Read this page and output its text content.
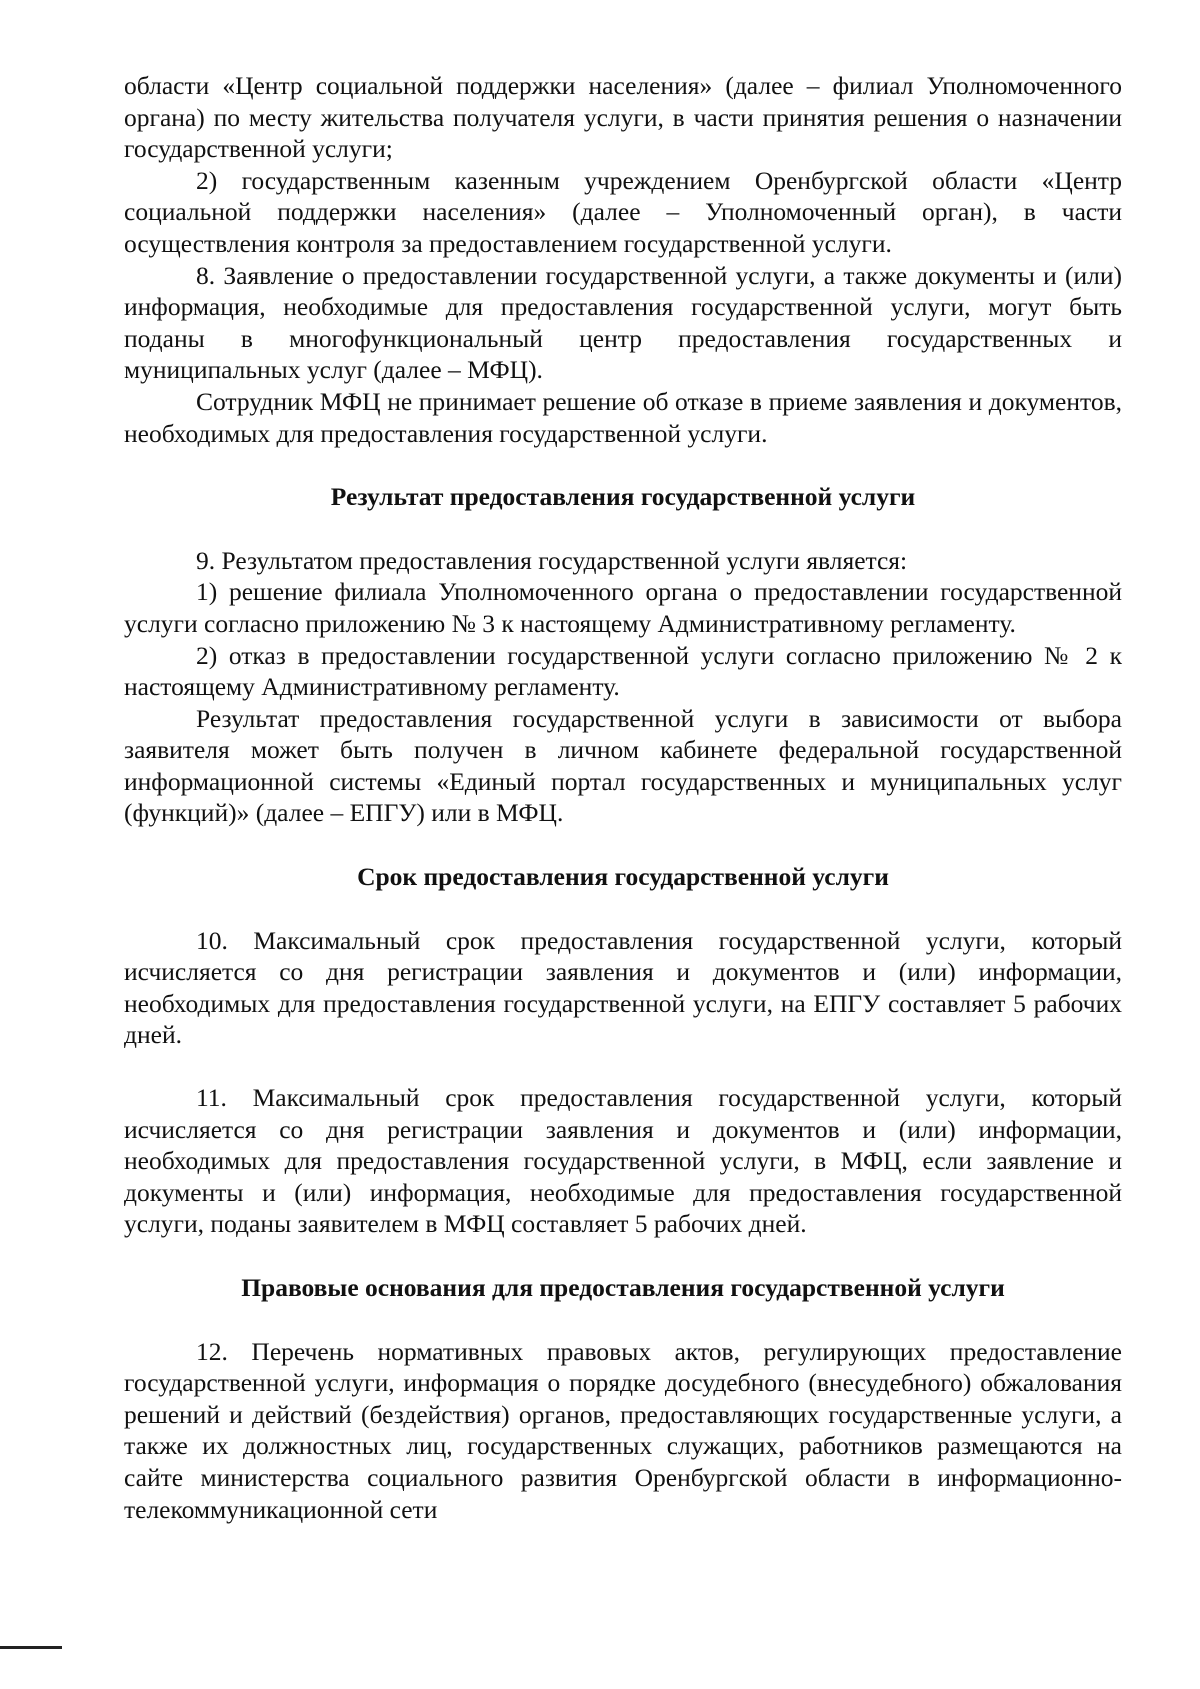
области «Центр социальной поддержки населения» (далее – филиал Уполномоченного органа) по месту жительства получателя услуги, в части принятия решения о назначении государственной услуги;

2) государственным казенным учреждением Оренбургской области «Центр социальной поддержки населения» (далее – Уполномоченный орган), в части осуществления контроля за предоставлением государственной услуги.

8. Заявление о предоставлении государственной услуги, а также документы и (или) информация, необходимые для предоставления государственной услуги, могут быть поданы в многофункциональный центр предоставления государственных и муниципальных услуг (далее – МФЦ).

Сотрудник МФЦ не принимает решение об отказе в приеме заявления и документов, необходимых для предоставления государственной услуги.

Результат предоставления государственной услуги

9. Результатом предоставления государственной услуги является:

1) решение филиала Уполномоченного органа о предоставлении государственной услуги согласно приложению № 3 к настоящему Административному регламенту.

2) отказ в предоставлении государственной услуги согласно приложению № 2 к настоящему Административному регламенту.

Результат предоставления государственной услуги в зависимости от выбора заявителя может быть получен в личном кабинете федеральной государственной информационной системы «Единый портал государственных и муниципальных услуг (функций)» (далее – ЕПГУ) или в МФЦ.

Срок предоставления государственной услуги

10. Максимальный срок предоставления государственной услуги, который исчисляется со дня регистрации заявления и документов и (или) информации, необходимых для предоставления государственной услуги, на ЕПГУ составляет 5 рабочих дней.

11. Максимальный срок предоставления государственной услуги, который исчисляется со дня регистрации заявления и документов и (или) информации, необходимых для предоставления государственной услуги, в МФЦ, если заявление и документы и (или) информация, необходимые для предоставления государственной услуги, поданы заявителем в МФЦ составляет 5 рабочих дней.

Правовые основания для предоставления государственной услуги

12. Перечень нормативных правовых актов, регулирующих предоставление государственной услуги, информация о порядке досудебного (внесудебного) обжалования решений и действий (бездействия) органов, предоставляющих государственные услуги, а также их должностных лиц, государственных служащих, работников размещаются на сайте министерства социального развития Оренбургской области в информационно-телекоммуникационной сети
